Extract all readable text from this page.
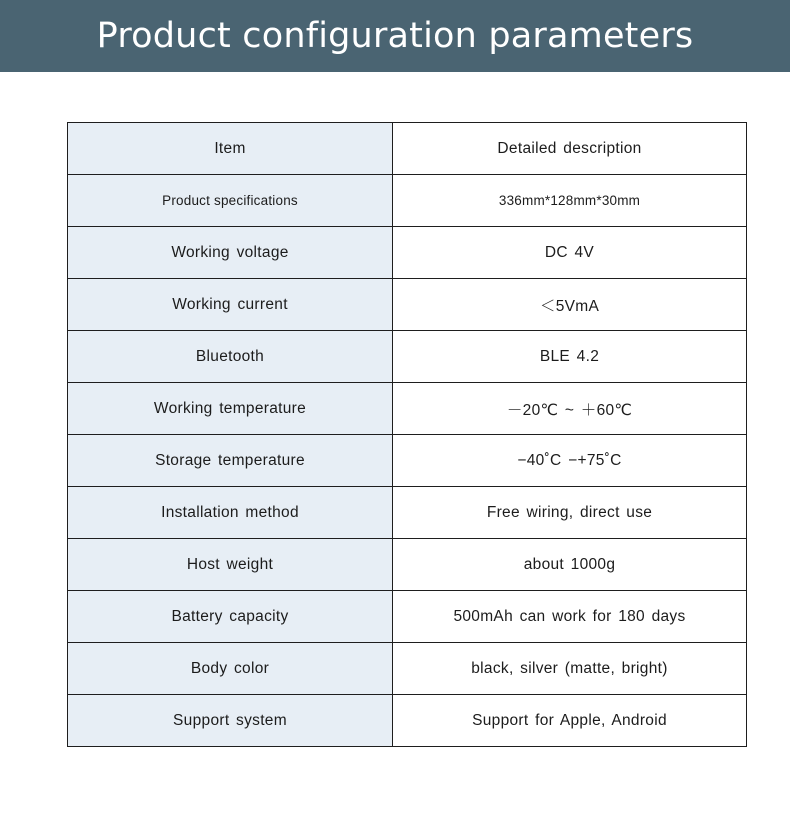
Product configuration parameters
Item	Detailed description
Product specifications	336mm*128mm*30mm
Working voltage	DC 4V
Working current	＜5VmA
Bluetooth	BLE 4.2
Working temperature	－20℃ ~ ＋60℃
Storage temperature	−40˚C −+75˚C
Installation method	Free wiring, direct use
Host weight	about 1000g
Battery capacity	500mAh can work for 180 days
Body color	black, silver (matte, bright)
Support system	Support for Apple, Android
